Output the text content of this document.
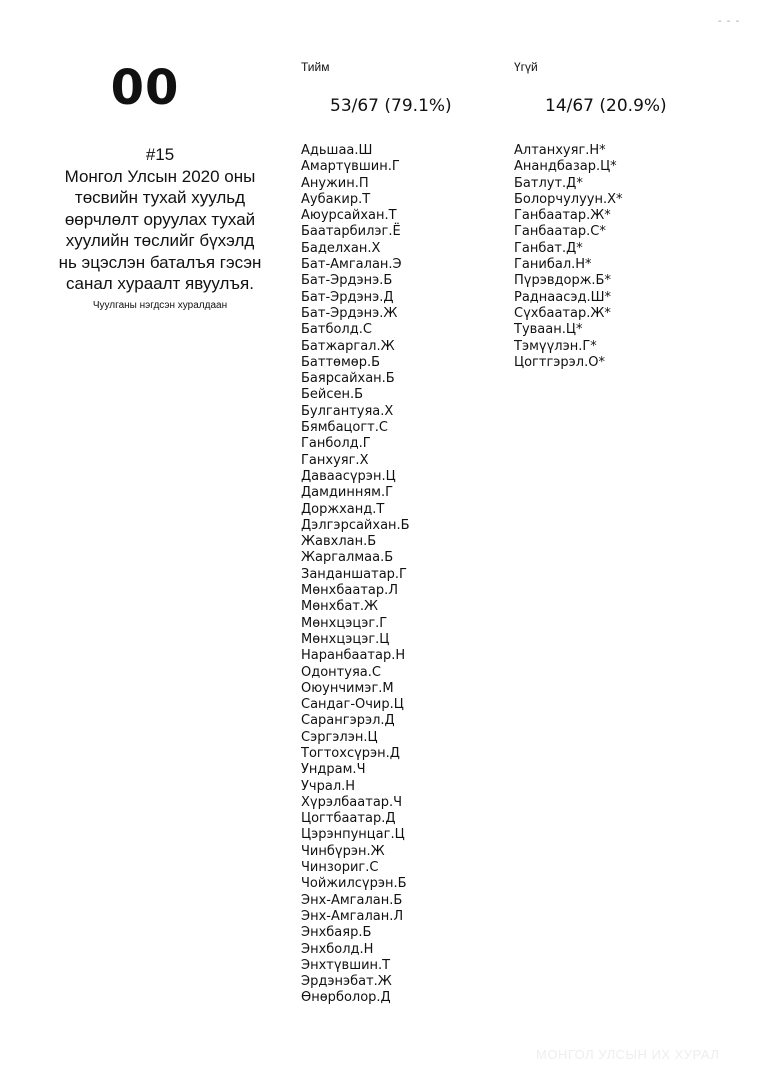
- - -
00
#15
Монгол Улсын 2020 оны
төсвийн тухай хуульд
өөрчлөлт оруулах тухай
хуулийн төслийг бүхэлд
нь эцэслэн баталъя гэсэн
санал хураалт явуулъя.
Чуулганы нэгдсэн хуралдаан
Тийм
53/67 (79.1%)
Адьшаа.Ш
Амартүвшин.Г
Анужин.П
Аубакир.Т
Аюурсайхан.Т
Баатарбилэг.Ё
Баделхан.Х
Бат-Амгалан.Э
Бат-Эрдэнэ.Б
Бат-Эрдэнэ.Д
Бат-Эрдэнэ.Ж
Батболд.С
Батжаргал.Ж
Баттөмөр.Б
Баярсайхан.Б
Бейсен.Б
Булгантуяа.Х
Бямбацогт.С
Ганболд.Г
Ганхуяг.Х
Даваасүрэн.Ц
Дамдинням.Г
Доржханд.Т
Дэлгэрсайхан.Б
Жавхлан.Б
Жаргалмаа.Б
Занданшатар.Г
Мөнхбаатар.Л
Мөнхбат.Ж
Мөнхцэцэг.Г
Мөнхцэцэг.Ц
Наранбаатар.Н
Одонтуяа.С
Оюунчимэг.М
Сандаг-Очир.Ц
Сарангэрэл.Д
Сэргэлэн.Ц
Тогтохсүрэн.Д
Ундрам.Ч
Учрал.Н
Хүрэлбаатар.Ч
Цогтбаатар.Д
Цэрэнпунцаг.Ц
Чинбүрэн.Ж
Чинзориг.С
Чойжилсүрэн.Б
Энх-Амгалан.Б
Энх-Амгалан.Л
Энхбаяр.Б
Энхболд.Н
Энхтүвшин.Т
Эрдэнэбат.Ж
Өнөрболор.Д
Үгүй
14/67 (20.9%)
Алтанхуяг.Н*
Анандбазар.Ц*
Батлут.Д*
Болорчулуун.Х*
Ганбаатар.Ж*
Ганбаатар.С*
Ганбат.Д*
Ганибал.Н*
Пүрэвдорж.Б*
Раднаасэд.Ш*
Сүхбаатар.Ж*
Туваан.Ц*
Тэмүүлэн.Г*
Цогтгэрэл.О*
МОНГОЛ УЛСЫН ИХ ХУРАЛ
